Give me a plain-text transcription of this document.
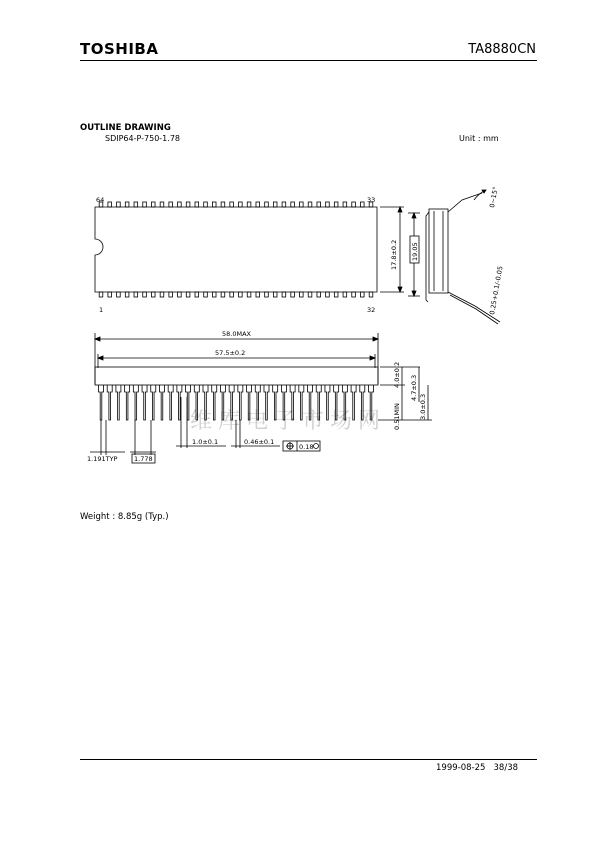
TOSHIBA	TA8880CN
OUTLINE DRAWING
SDIP64-P-750-1.78	Unit : mm
维库电子市场网
64	33
1	32
17.8±0.2 19.05
0~15°
0.25+0.1/-0.05
58.0MAX
57.5±0.2
4.0±0.2 4.7±0.3
3.0±0.3
0.51MIN
1.191TYP	1.778
1.0±0.1	0.46±0.1
0.18
Weight : 8.85g (Typ.)
1999-08-25 38/38
